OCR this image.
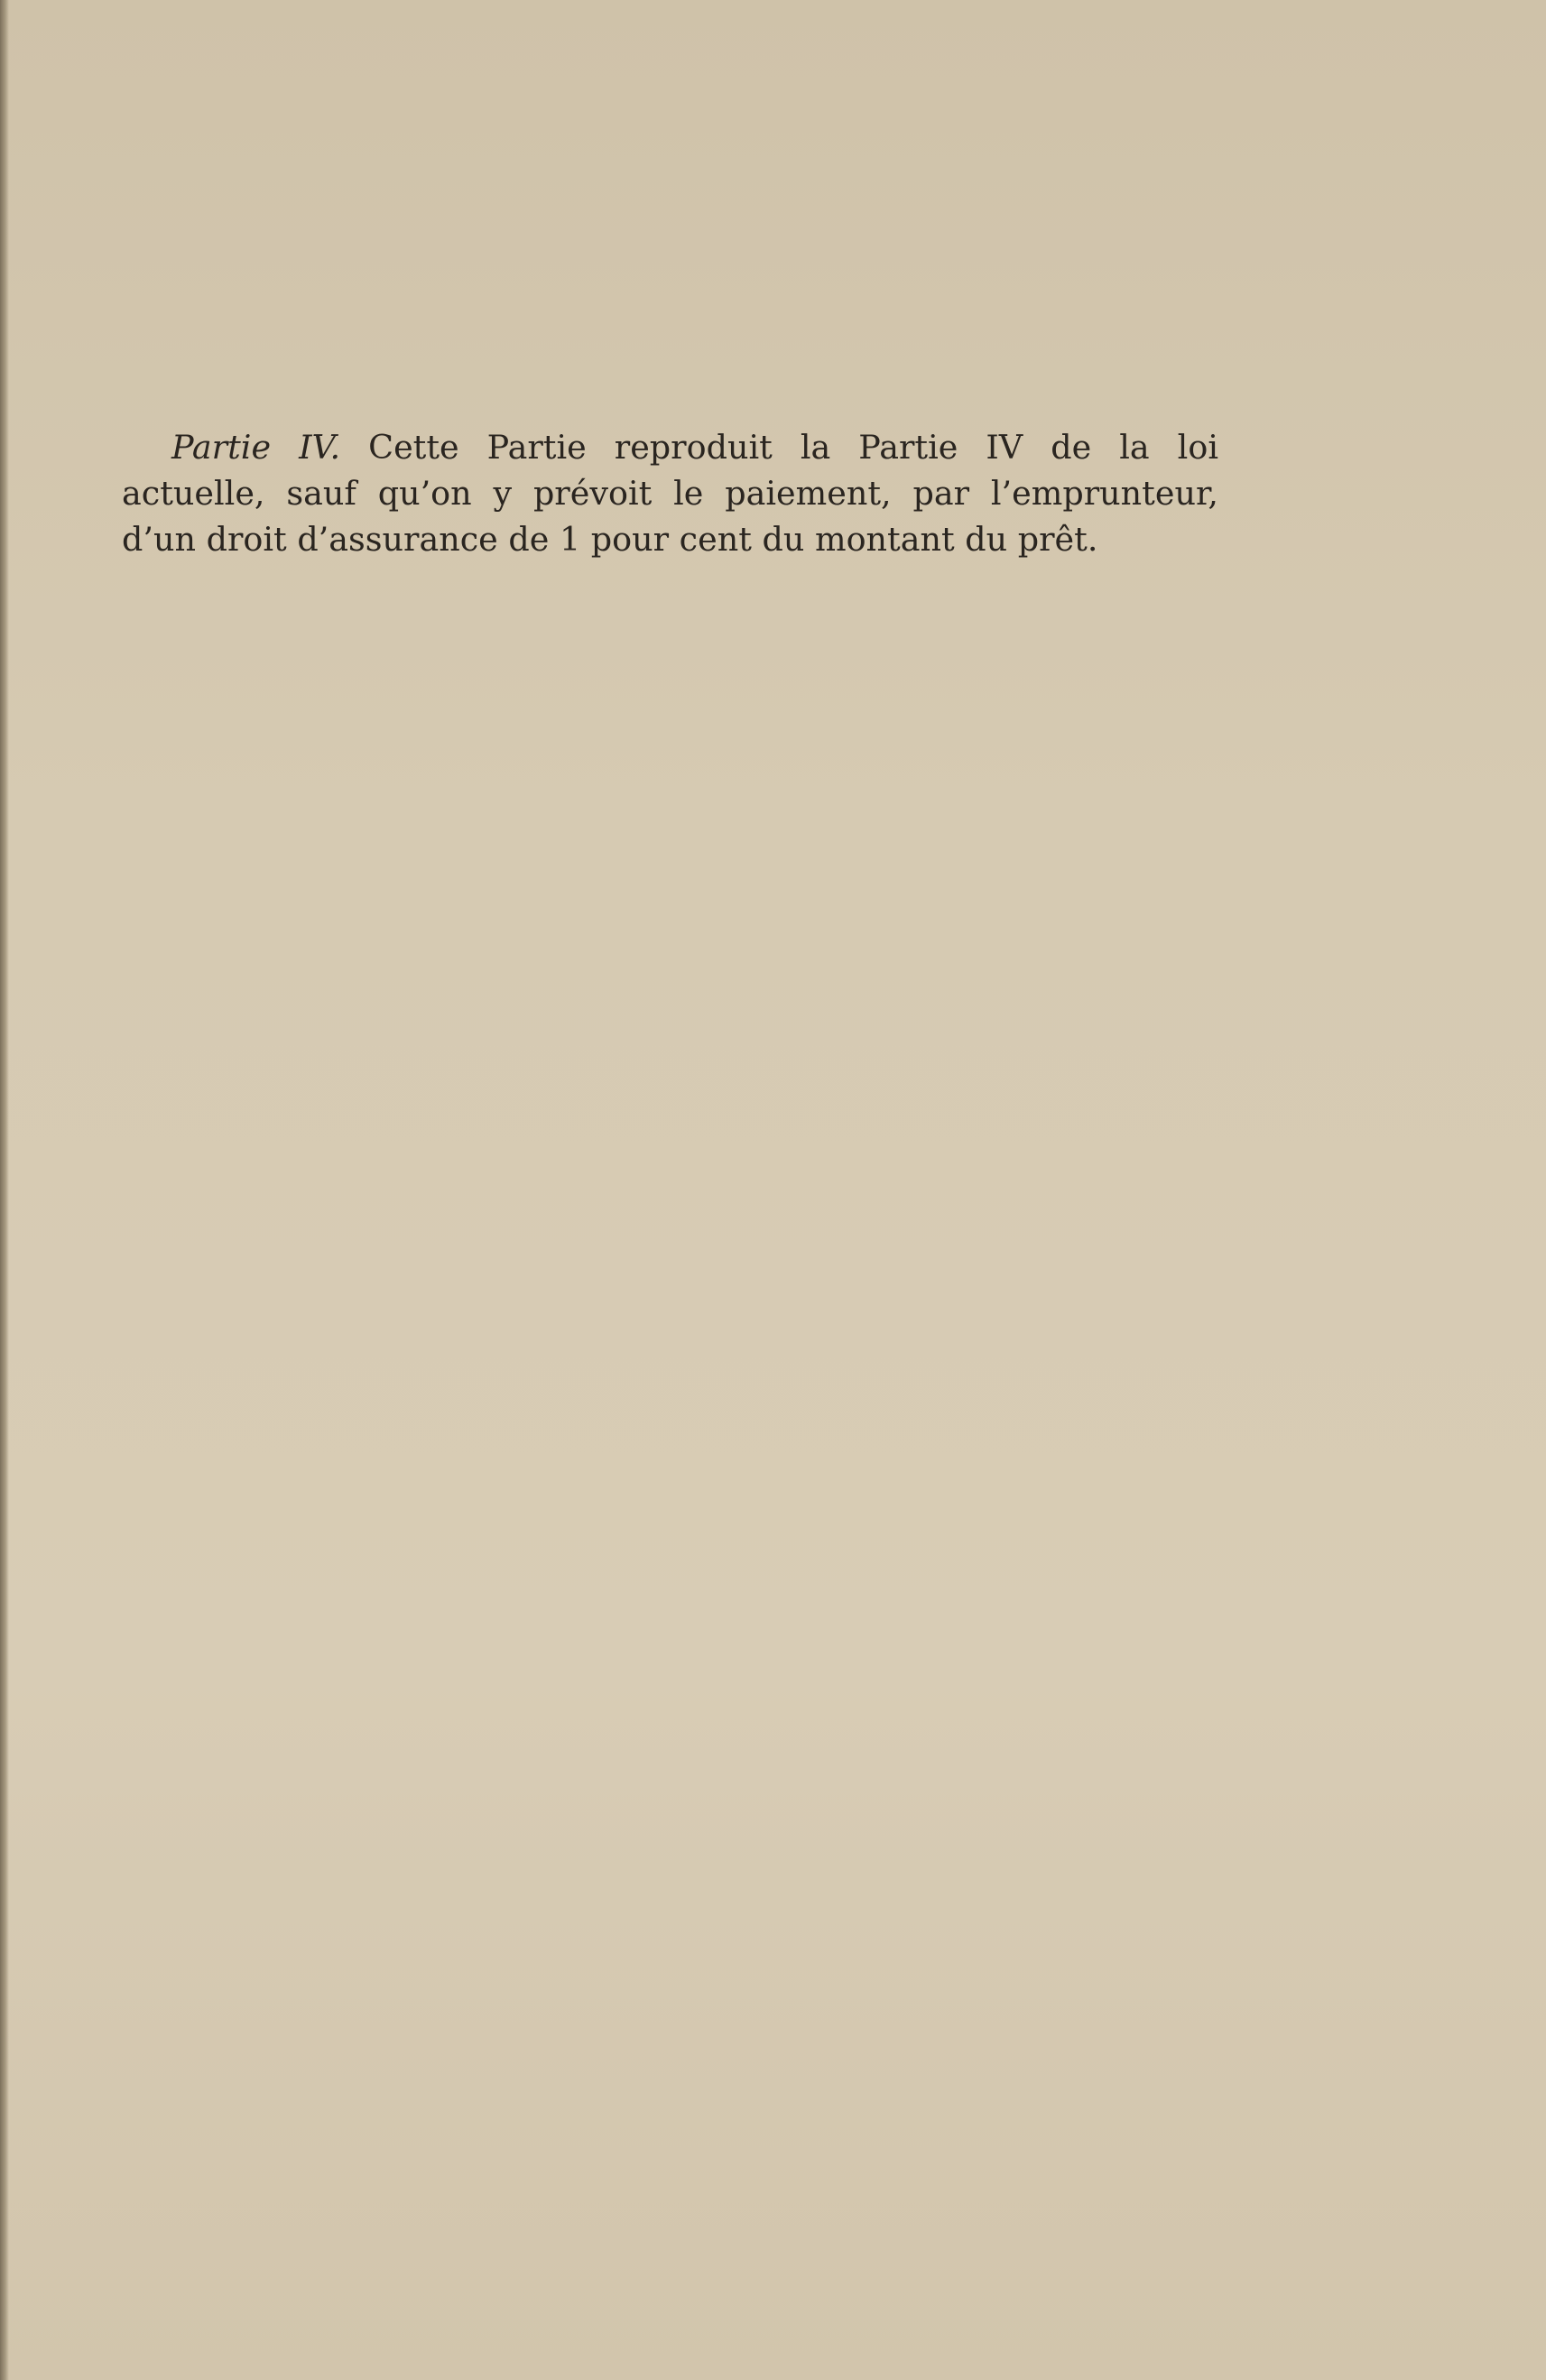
Partie IV. Cette Partie reproduit la Partie IV de la loi
actuelle, sauf qu’on y prévoit le paiement, par l’emprunteur,
d’un droit d’assurance de 1 pour cent du montant du prêt.
